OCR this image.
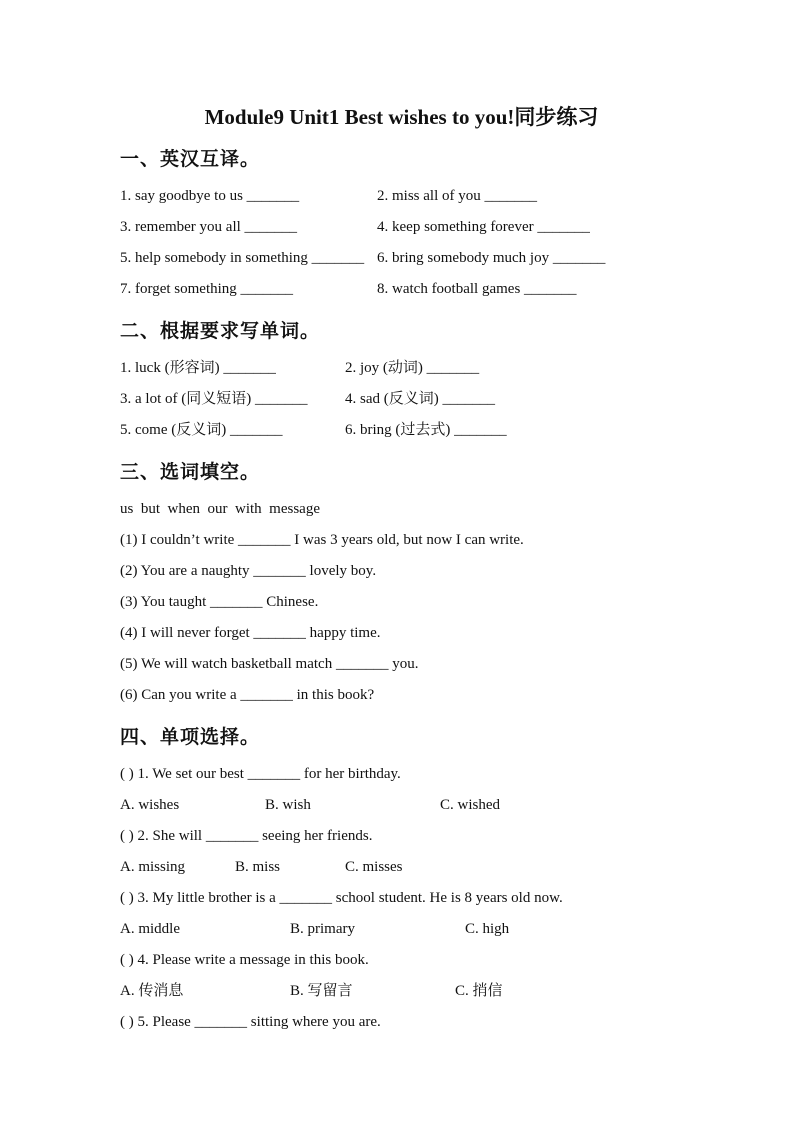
Module9 Unit1 Best wishes to you!同步练习
一、英汉互译。
1. say goodbye to us _______	2. miss all of you _______
3. remember you all _______	4. keep something forever _______
5. help somebody in something _______ 6. bring somebody much joy _______
7. forget something _______	8. watch football games _______
二、根据要求写单词。
1. luck (形容词) _______	2. joy (动词) _______
3. a lot of (同义短语) _______	4. sad (反义词) _______
5. come (反义词) _______	6. bring (过去式) _______
三、选词填空。
us  but  when  our  with  message
(1) I couldn’t write _______ I was 3 years old, but now I can write.
(2) You are a naughty _______ lovely boy.
(3) You taught _______ Chinese.
(4) I will never forget _______ happy time.
(5) We will watch basketball match _______ you.
(6) Can you write a _______ in this book?
四、单项选择。
( ) 1. We set our best _______ for her birthday.
A. wishes	B. wish	C. wished
( ) 2. She will _______ seeing her friends.
A. missing	B. miss	C. misses
( ) 3. My little brother is a _______ school student. He is 8 years old now.
A. middle	B. primary	C. high
( ) 4. Please write a message in this book.
A. 传消息	B. 写留言	C. 捎信
( ) 5. Please _______ sitting where you are.
